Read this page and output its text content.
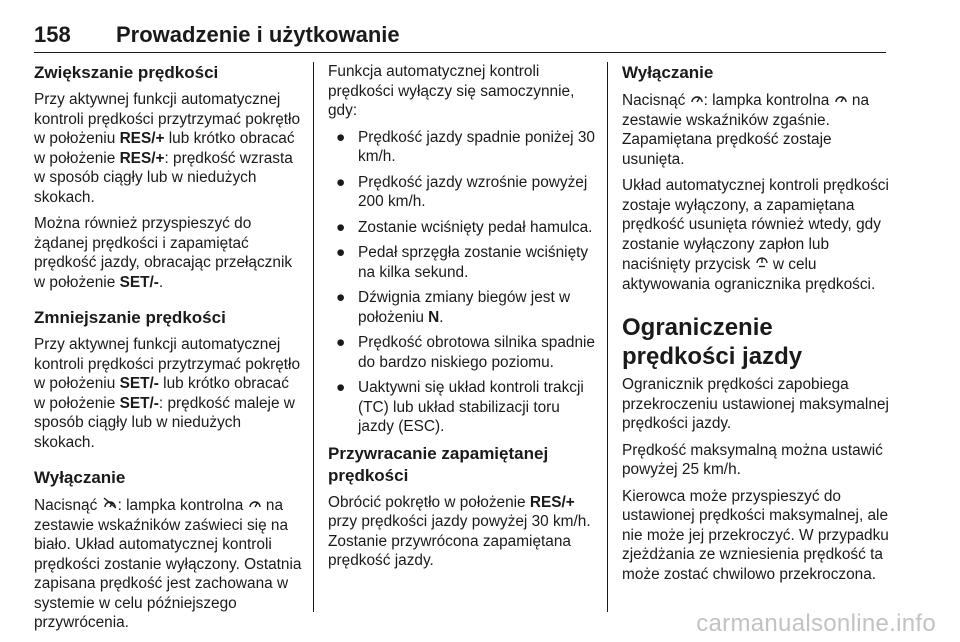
158 Prowadzenie i użytkowanie
Zwiększanie prędkości

Przy aktywnej funkcji automatycznej kontroli prędkości przytrzymać pokrętło w położeniu RES/+ lub krótko obracać w położenie RES/+: prędkość wzrasta w sposób ciągły lub w niedużych skokach.

Można również przyspieszyć do żądanej prędkości i zapamiętać prędkość jazdy, obracając przełącznik w położenie SET/-.

Zmniejszanie prędkości

Przy aktywnej funkcji automatycznej kontroli prędkości przytrzymać pokrętło w położeniu SET/- lub krótko obracać w położenie SET/-: prędkość maleje w sposób ciągły lub w niedużych skokach.

Wyłączanie

Nacisnąć : lampka kontrolna  na zestawie wskaźników zaświeci się na biało. Układ automatycznej kontroli prędkości zostanie wyłączony. Ostatnia zapisana prędkość jest zachowana w systemie w celu późniejszego przywrócenia.

Funkcja automatycznej kontroli prędkości wyłączy się samoczynnie, gdy:

● Prędkość jazdy spadnie poniżej 30 km/h.
● Prędkość jazdy wzrośnie powyżej 200 km/h.
● Zostanie wciśnięty pedał hamulca.
● Pedał sprzęgła zostanie wciśnięty na kilka sekund.
● Dźwignia zmiany biegów jest w położeniu N.
● Prędkość obrotowa silnika spadnie do bardzo niskiego poziomu.
● Uaktywni się układ kontroli trakcji (TC) lub układ stabilizacji toru jazdy (ESC).
Przywracanie zapamiętanej prędkości

Obrócić pokrętło w położenie RES/+ przy prędkości jazdy powyżej 30 km/h. Zostanie przywrócona zapamiętana prędkość jazdy.

Wyłączanie

Nacisnąć : lampka kontrolna  na zestawie wskaźników zgaśnie. Zapamiętana prędkość zostaje usunięta.

Układ automatycznej kontroli prędkości zostaje wyłączony, a zapamiętana prędkość usunięta również wtedy, gdy zostanie wyłączony zapłon lub naciśnięty przycisk  w celu aktywowania ogranicznika prędkości.

Ograniczenie prędkości jazdy

Ogranicznik prędkości zapobiega przekroczeniu ustawionej maksymalnej prędkości jazdy.

Prędkość maksymalną można ustawić powyżej 25 km/h.

Kierowca może przyspieszyć do ustawionej prędkości maksymalnej, ale nie może jej przekroczyć. W przypadku zjeżdżania ze wzniesienia prędkość ta może zostać chwilowo przekroczona.

carmanualsonline.info
